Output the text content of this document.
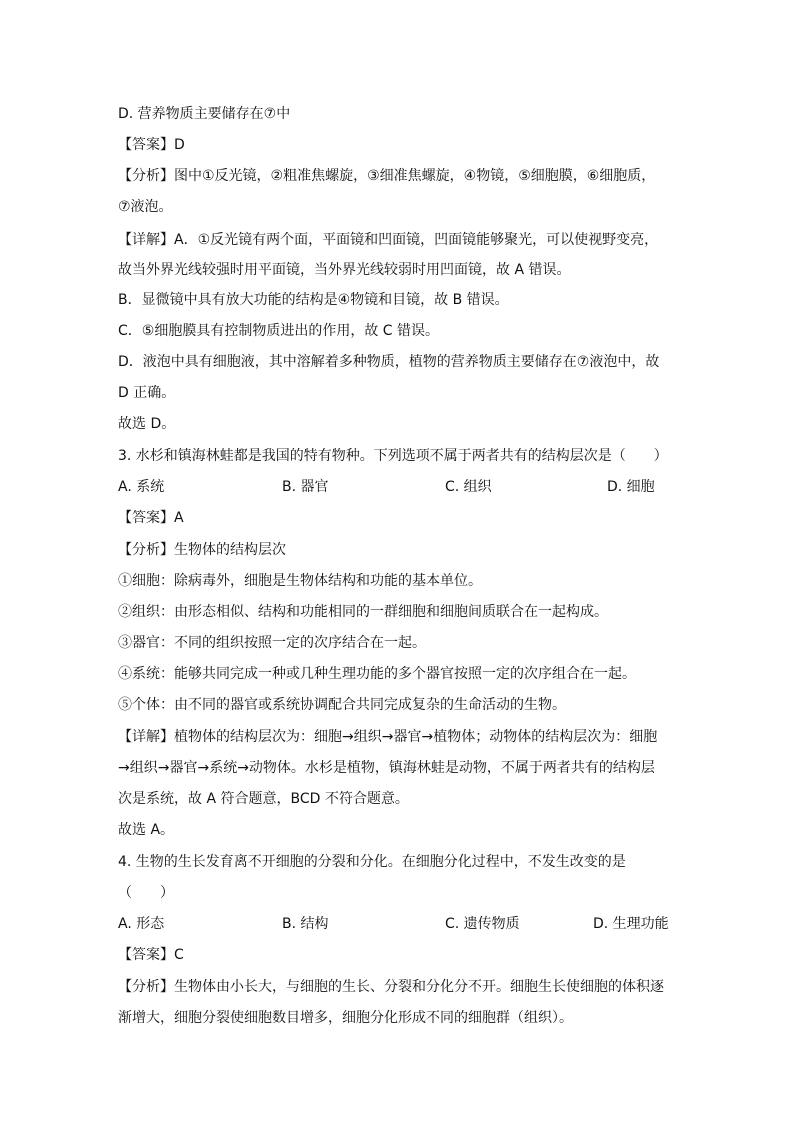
D. 营养物质主要储存在⑦中
【答案】D
【分析】图中①反光镜，②粗准焦螺旋，③细准焦螺旋，④物镜，⑤细胞膜，⑥细胞质，
⑦液泡。
【详解】A．①反光镜有两个面，平面镜和凹面镜，凹面镜能够聚光，可以使视野变亮，
故当外界光线较强时用平面镜，当外界光线较弱时用凹面镜，故 A 错误。
B．显微镜中具有放大功能的结构是④物镜和目镜，故 B 错误。
C．⑤细胞膜具有控制物质进出的作用，故 C 错误。
D．液泡中具有细胞液，其中溶解着多种物质，植物的营养物质主要储存在⑦液泡中，故
D 正确。
故选 D。
3. 水杉和镇海林蛙都是我国的特有物种。下列选项不属于两者共有的结构层次是（　　）
A. 系统	B. 器官	C. 组织	D. 细胞
【答案】A
【分析】生物体的结构层次
①细胞：除病毒外，细胞是生物体结构和功能的基本单位。
②组织：由形态相似、结构和功能相同的一群细胞和细胞间质联合在一起构成。
③器官：不同的组织按照一定的次序结合在一起。
④系统：能够共同完成一种或几种生理功能的多个器官按照一定的次序组合在一起。
⑤个体：由不同的器官或系统协调配合共同完成复杂的生命活动的生物。
【详解】植物体的结构层次为：细胞→组织→器官→植物体；动物体的结构层次为：细胞
→组织→器官→系统→动物体。水杉是植物，镇海林蛙是动物，不属于两者共有的结构层
次是系统，故 A 符合题意，BCD 不符合题意。
故选 A。
4. 生物的生长发育离不开细胞的分裂和分化。在细胞分化过程中，不发生改变的是
（　　）
A. 形态	B. 结构	C. 遗传物质	D. 生理功能
【答案】C
【分析】生物体由小长大，与细胞的生长、分裂和分化分不开。细胞生长使细胞的体积逐
渐增大，细胞分裂使细胞数目增多，细胞分化形成不同的细胞群（组织）。
